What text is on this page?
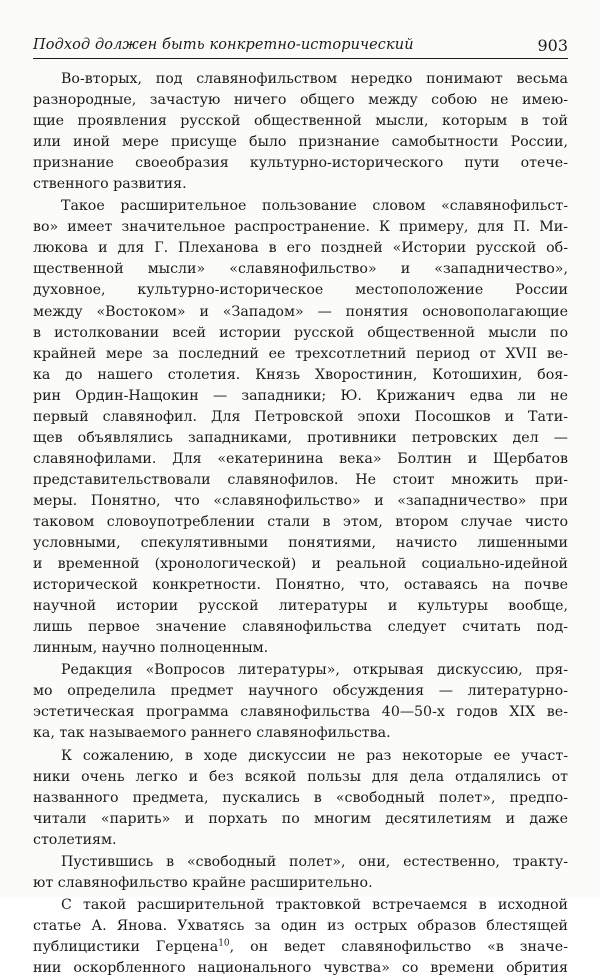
Подход должен быть конкретно-исторический	903
Во-вторых, под славянофильством нередко понимают весьма
разнородные, зачастую ничего общего между собою не имею-
щие проявления русской общественной мысли, которым в той
или иной мере присуще было признание самобытности России,
признание своеобразия культурно-исторического пути отече-
ственного развития.
Такое расширительное пользование словом «славянофильст-
во» имеет значительное распространение. К примеру, для П. Ми-
люкова и для Г. Плеханова в его поздней «Истории русской об-
щественной мысли» «славянофильство» и «западничество»,
духовное, культурно-историческое местоположение России
между «Востоком» и «Западом» — понятия основополагающие
в истолковании всей истории русской общественной мысли по
крайней мере за последний ее трехсотлетний период от XVII ве-
ка до нашего столетия. Князь Хворостинин, Котошихин, боя-
рин Ордин-Нащокин — западники; Ю. Крижанич едва ли не
первый славянофил. Для Петровской эпохи Посошков и Тати-
щев объявлялись западниками, противники петровских дел —
славянофилами. Для «екатеринина века» Болтин и Щербатов
представительствовали славянофилов. Не стоит множить при-
меры. Понятно, что «славянофильство» и «западничество» при
таковом словоупотреблении стали в этом, втором случае чисто
условными, спекулятивными понятиями, начисто лишенными
и временной (хронологической) и реальной социально-идейной
исторической конкретности. Понятно, что, оставаясь на почве
научной истории русской литературы и культуры вообще,
лишь первое значение славянофильства следует считать под-
линным, научно полноценным.
Редакция «Вопросов литературы», открывая дискуссию, пря-
мо определила предмет научного обсуждения — литературно-
эстетическая программа славянофильства 40—50-х годов XIX ве-
ка, так называемого раннего славянофильства.
К сожалению, в ходе дискуссии не раз некоторые ее участ-
ники очень легко и без всякой пользы для дела отдалялись от
названного предмета, пускались в «свободный полет», предпо-
читали «парить» и порхать по многим десятилетиям и даже
столетиям.
Пустившись в «свободный полет», они, естественно, тракту-
ют славянофильство крайне расширительно.
С такой расширительной трактовкой встречаемся в исходной
статье А. Янова. Ухватясь за один из острых образов блестящей
публицистики Герцена$^{10}$, он ведет славянофильство «в значе-
нии оскорбленного национального чувства» со времени обрития
